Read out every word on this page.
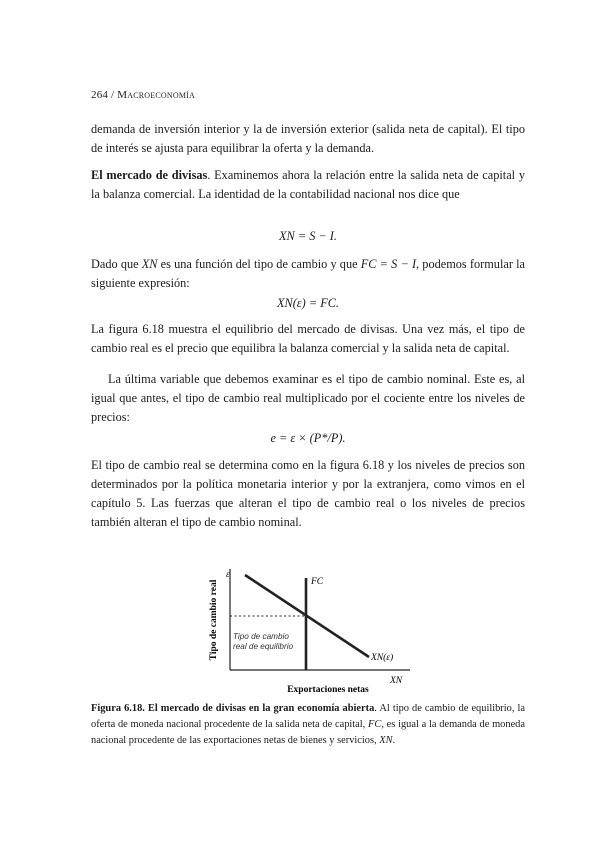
264 / Macroeconomía

demanda de inversión interior y la de inversión exterior (salida neta de capital). El tipo de interés se ajusta para equilibrar la oferta y la demanda.

El mercado de divisas. Examinemos ahora la relación entre la salida neta de capital y la balanza comercial. La identidad de la contabilidad nacional nos dice que

XN = S − I.

Dado que XN es una función del tipo de cambio y que FC = S − I, podemos formular la siguiente expresión:

XN(ε) = FC.

La figura 6.18 muestra el equilibrio del mercado de divisas. Una vez más, el tipo de cambio real es el precio que equilibra la balanza comercial y la salida neta de capital.

La última variable que debemos examinar es el tipo de cambio nominal. Este es, al igual que antes, el tipo de cambio real multiplicado por el cociente entre los niveles de precios:

e = ε × (P*/P).

El tipo de cambio real se determina como en la figura 6.18 y los niveles de precios son determinados por la política monetaria interior y por la extranjera, como vimos en el capítulo 5. Las fuerzas que alteran el tipo de cambio real o los niveles de precios también alteran el tipo de cambio nominal.

ε
FC
XN(ε)
XN
Tipo de cambio
real de equilibrio
Exportaciones netas
Tipo de cambio real

Figura 6.18. El mercado de divisas en la gran economía abierta. Al tipo de cambio de equilibrio, la oferta de moneda nacional procedente de la salida neta de capital, FC, es igual a la demanda de moneda nacional procedente de las exportaciones netas de bienes y servicios, XN.
